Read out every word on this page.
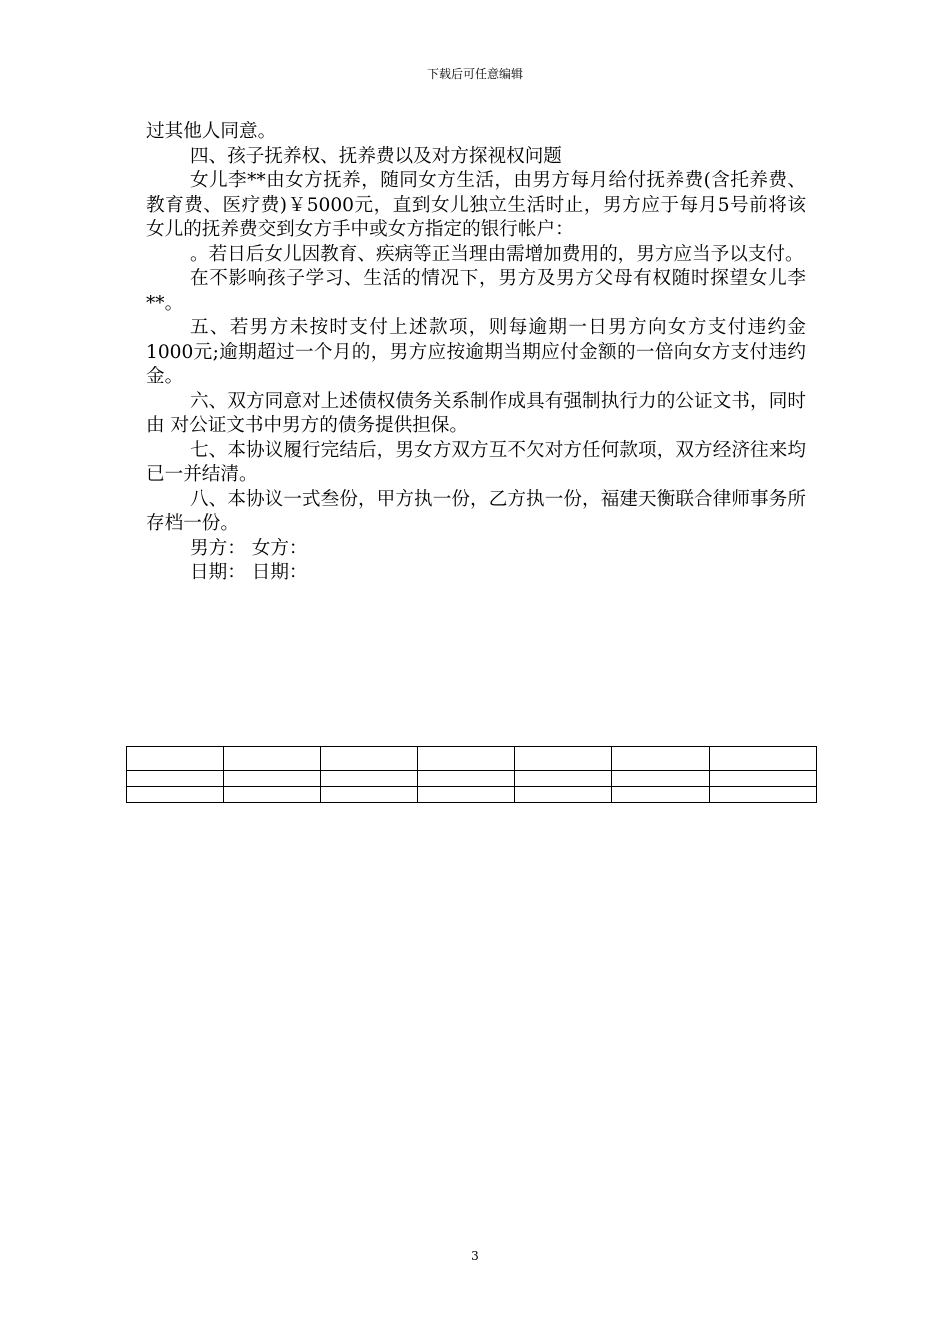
下载后可任意编辑

过其他人同意。

四、孩子抚养权、抚养费以及对方探视权问题

女儿李**由女方抚养，随同女方生活，由男方每月给付抚养费(含托养费、教育费、医疗费)￥5000元，直到女儿独立生活时止，男方应于每月5号前将该女儿的抚养费交到女方手中或女方指定的银行帐户：

。若日后女儿因教育、疾病等正当理由需增加费用的，男方应当予以支付。

在不影响孩子学习、生活的情况下，男方及男方父母有权随时探望女儿李**。

五、若男方未按时支付上述款项，则每逾期一日男方向女方支付违约金1000元;逾期超过一个月的，男方应按逾期当期应付金额的一倍向女方支付违约金。

六、双方同意对上述债权债务关系制作成具有强制执行力的公证文书，同时由 对公证文书中男方的债务提供担保。

七、本协议履行完结后，男女方双方互不欠对方任何款项，双方经济往来均已一并结清。

八、本协议一式叁份，甲方执一份，乙方执一份，福建天衡联合律师事务所存档一份。

男方： 女方：

日期： 日期：

3
